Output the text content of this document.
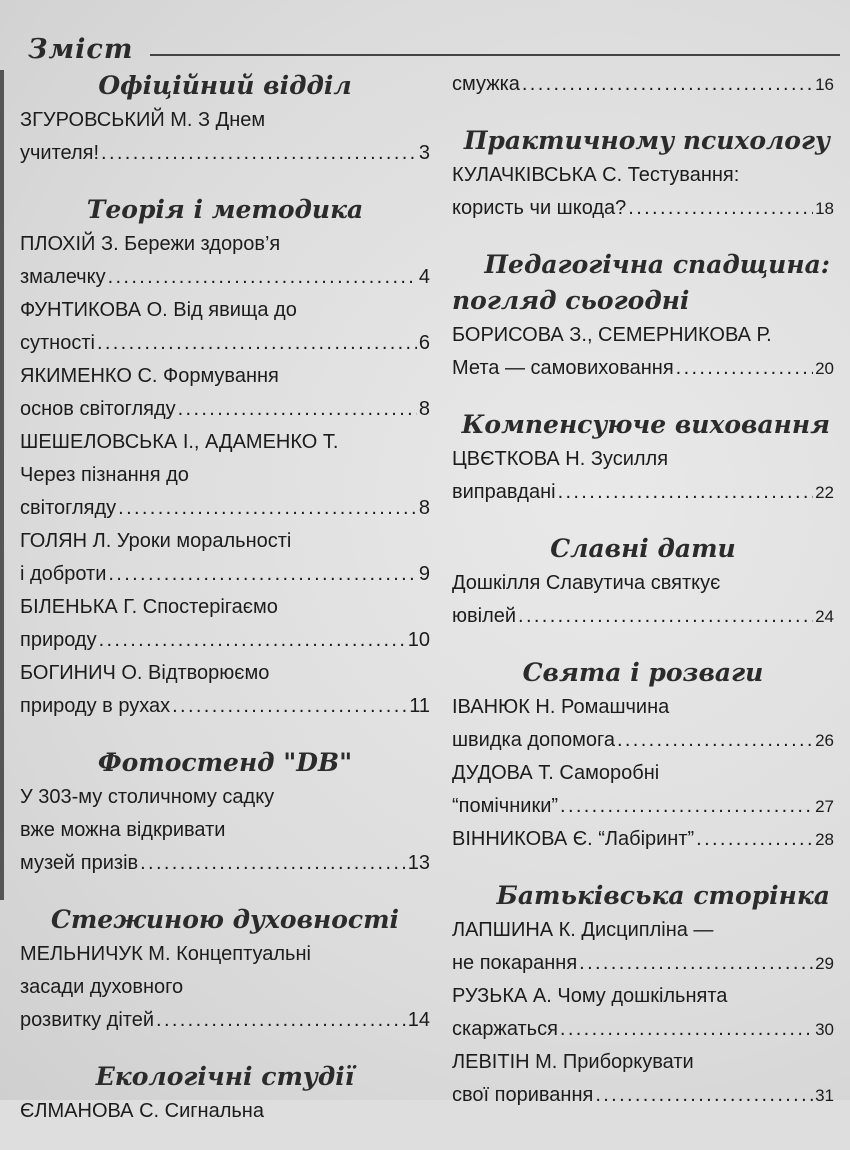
Зміст
Офіційний відділ
ЗГУРОВСЬКИЙ М. З Днем
учителя! . . .	3
Теорія і методика
ПЛОХІЙ З. Бережи здоров’я
змалечку . . .	4
ФУНТИКОВА О. Від явища до
сутності . . .	6
ЯКИМЕНКО С. Формування
основ світогляду . . .	8
ШЕШЕЛОВСЬКА І., АДАМЕНКО Т.
Через пізнання до
світогляду . . .	8
ГОЛЯН Л. Уроки моральності
і доброти . . .	9
БІЛЕНЬКА Г. Спостерігаємо
природу . . .	10
БОГИНИЧ О. Відтворюємо
природу в рухах . . .	11
Фотостенд "DB"
У 303-му столичному садку
вже можна відкривати
музей призів . . .	13
Стежиною духовності
МЕЛЬНИЧУК М. Концептуальні
засади духовного
розвитку дітей . . .	14
Екологічні студії
ЄЛМАНОВА С. Сигнальна
смужка . . .	16
Практичному психологу
КУЛАЧКІВСЬКА С. Тестування:
користь чи шкода? . . .	18
Педагогічна спадщина:
погляд сьогодні
БОРИСОВА З., СЕМЕРНИКОВА Р.
Мета — самовиховання . . .	20
Компенсуюче виховання
ЦВЄТКОВА Н. Зусилля
виправдані . . .	22
Славні дати
Дошкілля Славутича святкує
ювілей . . .	24
Свята і розваги
ІВАНЮК Н. Ромашчина
швидка допомога . . .	26
ДУДОВА Т. Саморобні
“помічники” . . .	27
ВІННИКОВА Є. “Лабіринт” . . .	28
Батьківська сторінка
ЛАПШИНА К. Дисципліна —
не покарання . . .	29
РУЗЬКА А. Чому дошкільнята
скаржаться . . .	30
ЛЕВІТІН М. Приборкувати
свої поривання . . .	31
